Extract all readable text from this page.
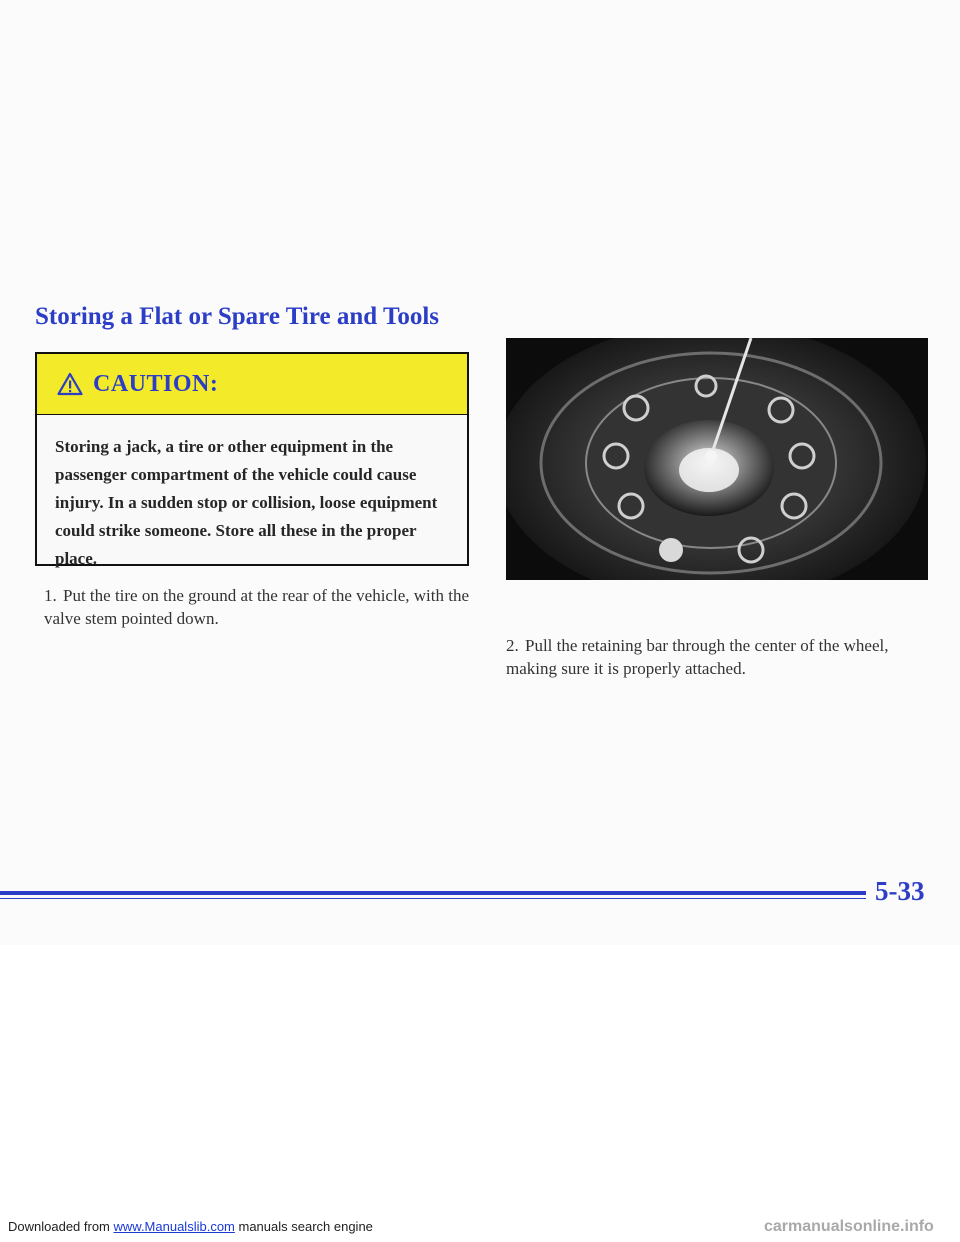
Storing a Flat or Spare Tire and Tools
CAUTION:

Storing a jack, a tire or other equipment in the passenger compartment of the vehicle could cause injury. In a sudden stop or collision, loose equipment could strike someone. Store all these in the proper place.

1. Put the tire on the ground at the rear of the vehicle, with the valve stem pointed down.

2. Pull the retaining bar through the center of the wheel, making sure it is properly attached.

5-33

Downloaded from www.Manualslib.com manuals search engine	carmanualsonline.info
